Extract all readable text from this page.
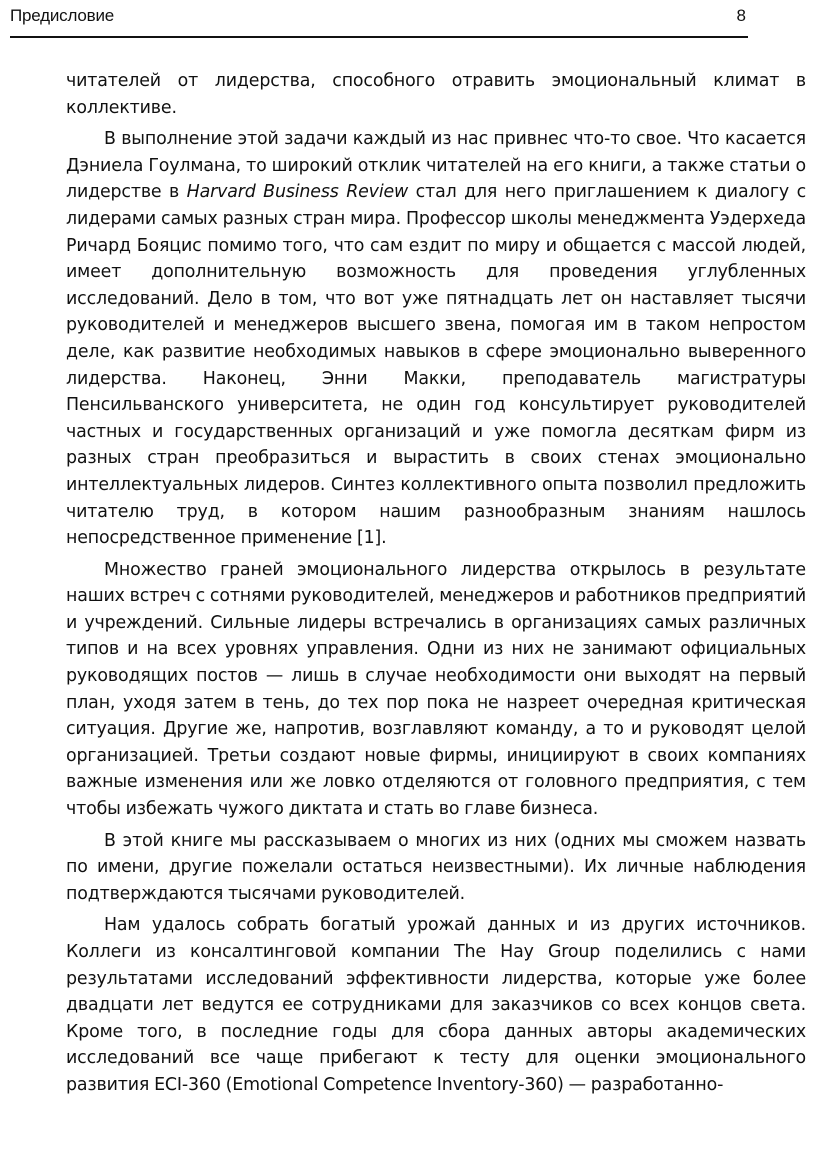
Предисловие	8

читателей от лидерства, способного отравить эмоциональный климат в коллективе.

В выполнение этой задачи каждый из нас привнес что-то свое. Что касается Дэниела Гоулмана, то широкий отклик читателей на его книги, а также статьи о лидерстве в Harvard Business Review стал для него приглашением к диалогу с лидерами самых разных стран мира. Профессор школы менеджмента Уэдерхеда Ричард Бояцис помимо того, что сам ездит по миру и общается с массой людей, имеет дополнительную возможность для проведения углубленных исследований. Дело в том, что вот уже пятнадцать лет он наставляет тысячи руководителей и менеджеров высшего звена, помогая им в таком непростом деле, как развитие необходимых навыков в сфере эмоционально выверенного лидерства. Наконец, Энни Макки, преподаватель магистратуры Пенсильванского университета, не один год консультирует руководителей частных и государственных организаций и уже помогла десяткам фирм из разных стран преобразиться и вырастить в своих стенах эмоционально интеллектуальных лидеров. Синтез коллективного опыта позволил предложить читателю труд, в котором нашим разнообразным знаниям нашлось непосредственное применение [1].

Множество граней эмоционального лидерства открылось в результате наших встреч с сотнями руководителей, менеджеров и работников предприятий и учреждений. Сильные лидеры встречались в организациях самых различных типов и на всех уровнях управления. Одни из них не занимают официальных руководящих постов — лишь в случае необходимости они выходят на первый план, уходя затем в тень, до тех пор пока не назреет очередная критическая ситуация. Другие же, напротив, возглавляют команду, а то и руководят целой организацией. Третьи создают новые фирмы, инициируют в своих компаниях важные изменения или же ловко отделяются от головного предприятия, с тем чтобы избежать чужого диктата и стать во главе бизнеса.

В этой книге мы рассказываем о многих из них (одних мы сможем назвать по имени, другие пожелали остаться неизвестными). Их личные наблюдения подтверждаются тысячами руководителей.

Нам удалось собрать богатый урожай данных и из других источников. Коллеги из консалтинговой компании The Hay Group поделились с нами результатами исследований эффективности лидерства, которые уже более двадцати лет ведутся ее сотрудниками для заказчиков со всех концов света. Кроме того, в последние годы для сбора данных авторы академических исследований все чаще прибегают к тесту для оценки эмоционального развития ECI-360 (Emotional Competence Inventory-360) — разработанно-
